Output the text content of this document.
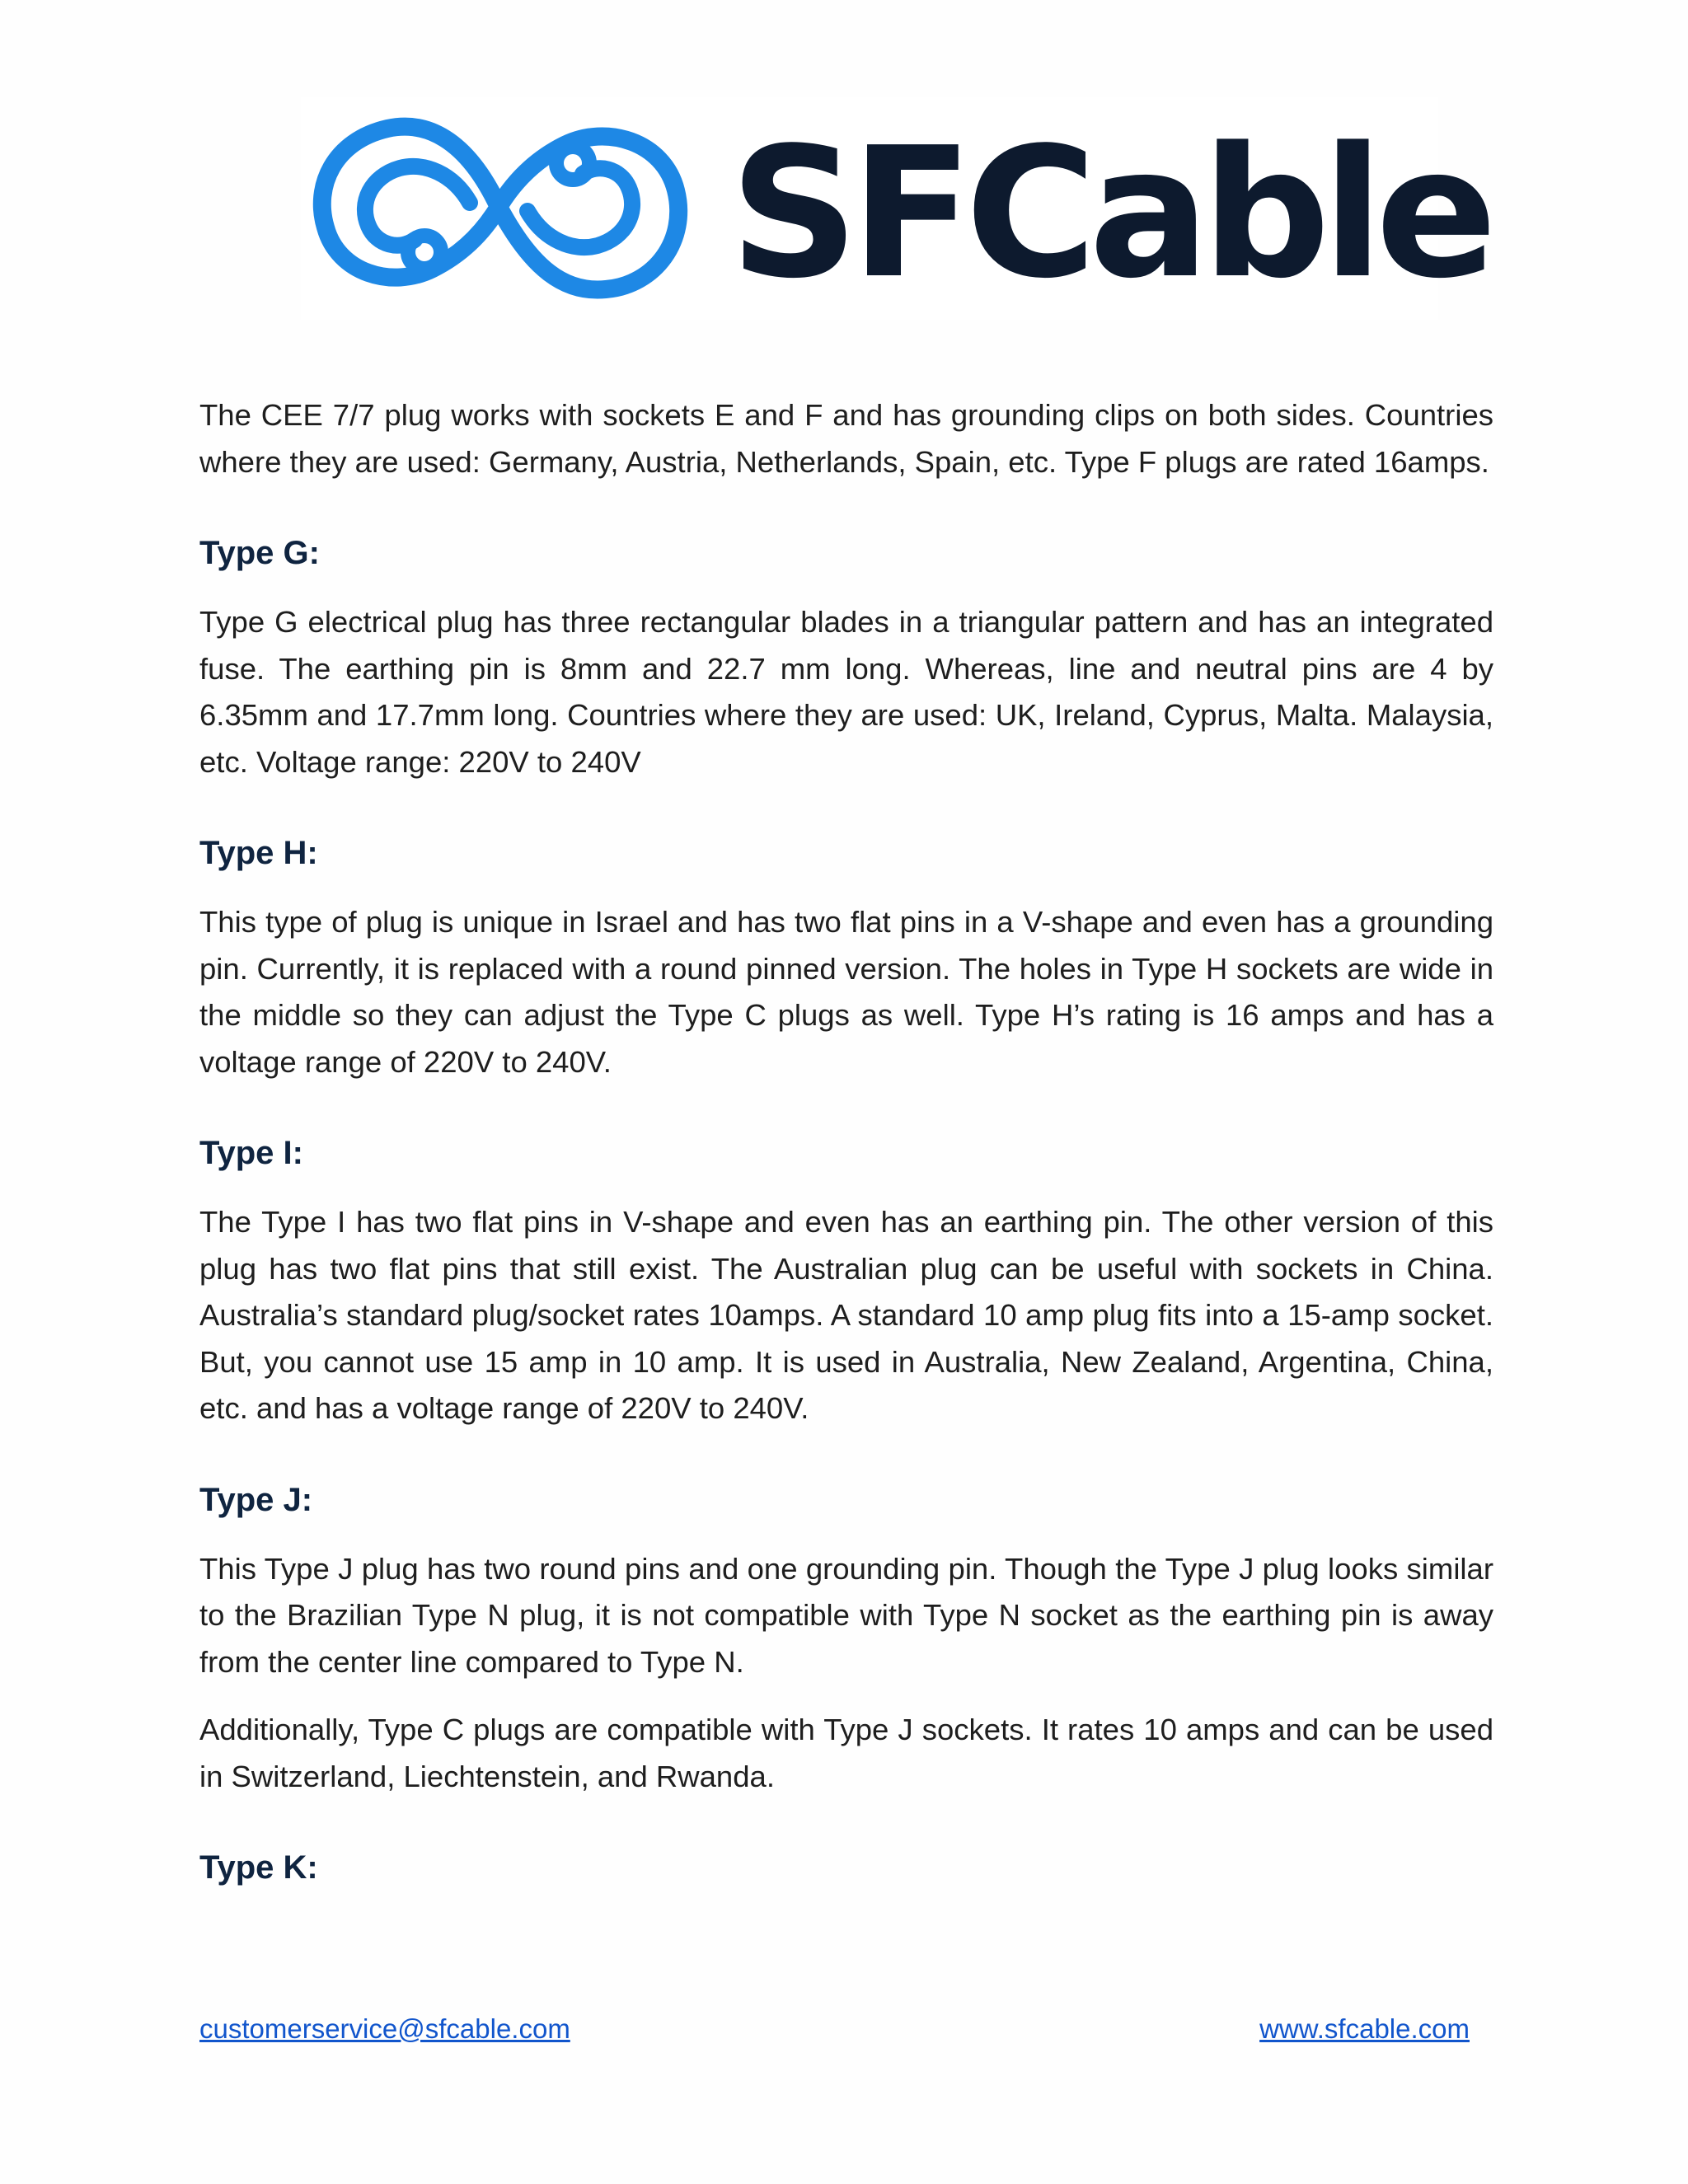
SFCable

The CEE 7/7 plug works with sockets E and F and has grounding clips on both sides. Countries where they are used: Germany, Austria, Netherlands, Spain, etc. Type F plugs are rated 16amps.

Type G:

Type G electrical plug has three rectangular blades in a triangular pattern and has an integrated fuse. The earthing pin is 8mm and 22.7 mm long. Whereas, line and neutral pins are 4 by 6.35mm and 17.7mm long. Countries where they are used: UK, Ireland, Cyprus, Malta. Malaysia, etc. Voltage range: 220V to 240V

Type H:

This type of plug is unique in Israel and has two flat pins in a V-shape and even has a grounding pin. Currently, it is replaced with a round pinned version. The holes in Type H sockets are wide in the middle so they can adjust the Type C plugs as well. Type H’s rating is 16 amps and has a voltage range of 220V to 240V.

Type I:

The Type I has two flat pins in V-shape and even has an earthing pin. The other version of this plug has two flat pins that still exist. The Australian plug can be useful with sockets in China. Australia’s standard plug/socket rates 10amps. A standard 10 amp plug fits into a 15-amp socket. But, you cannot use 15 amp in 10 amp. It is used in Australia, New Zealand, Argentina, China, etc. and has a voltage range of 220V to 240V.

Type J:

This Type J plug has two round pins and one grounding pin. Though the Type J plug looks similar to the Brazilian Type N plug, it is not compatible with Type N socket as the earthing pin is away from the center line compared to Type N.

Additionally, Type C plugs are compatible with Type J sockets. It rates 10 amps and can be used in Switzerland, Liechtenstein, and Rwanda.

Type K:
customerservice@sfcable.com	www.sfcable.com
